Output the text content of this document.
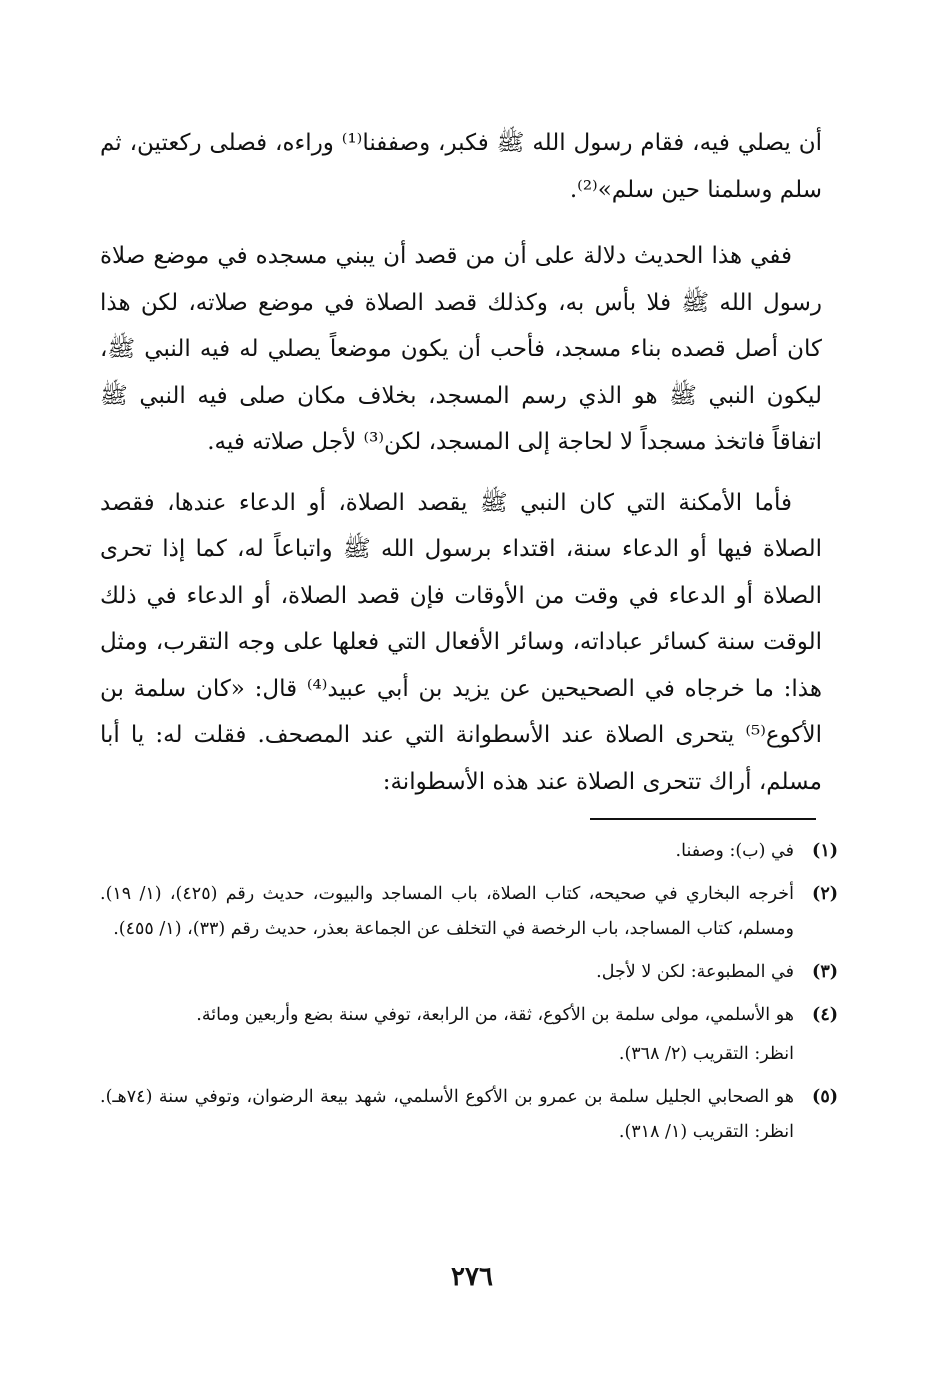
أن يصلي فيه، فقام رسول الله ﷺ فكبر، وصففنا⁽¹⁾ وراءه، فصلى ركعتين، ثم سلم وسلمنا حين سلم»⁽²⁾.

ففي هذا الحديث دلالة على أن من قصد أن يبني مسجده في موضع صلاة رسول الله ﷺ فلا بأس به، وكذلك قصد الصلاة في موضع صلاته، لكن هذا كان أصل قصده بناء مسجد، فأحب أن يكون موضعاً يصلي له فيه النبي ﷺ، ليكون النبي ﷺ هو الذي رسم المسجد، بخلاف مكان صلى فيه النبي ﷺ اتفاقاً فاتخذ مسجداً لا لحاجة إلى المسجد، لكن⁽³⁾ لأجل صلاته فيه.

فأما الأمكنة التي كان النبي ﷺ يقصد الصلاة، أو الدعاء عندها، فقصد الصلاة فيها أو الدعاء سنة، اقتداء برسول الله ﷺ واتباعاً له، كما إذا تحرى الصلاة أو الدعاء في وقت من الأوقات فإن قصد الصلاة، أو الدعاء في ذلك الوقت سنة كسائر عباداته، وسائر الأفعال التي فعلها على وجه التقرب، ومثل هذا: ما خرجاه في الصحيحين عن يزيد بن أبي عبيد⁽⁴⁾ قال: «كان سلمة بن الأكوع⁽⁵⁾ يتحرى الصلاة عند الأسطوانة التي عند المصحف. فقلت له: يا أبا مسلم، أراك تتحرى الصلاة عند هذه الأسطوانة:

(١)
في (ب): وصفنا.
(٢)
أخرجه البخاري في صحيحه، كتاب الصلاة، باب المساجد والبيوت، حديث رقم (٤٢٥)، (١/ ١٩). ومسلم، كتاب المساجد، باب الرخصة في التخلف عن الجماعة بعذر، حديث رقم (٣٣)، (١/ ٤٥٥).
(٣)
في المطبوعة: لكن لا لأجل.
(٤)
هو الأسلمي، مولى سلمة بن الأكوع، ثقة، من الرابعة، توفي سنة بضع وأربعين ومائة.
انظر: التقريب (٢/ ٣٦٨).
(٥)
هو الصحابي الجليل سلمة بن عمرو بن الأكوع الأسلمي، شهد بيعة الرضوان، وتوفي سنة (٧٤هـ). انظر: التقريب (١/ ٣١٨).
٢٧٦
